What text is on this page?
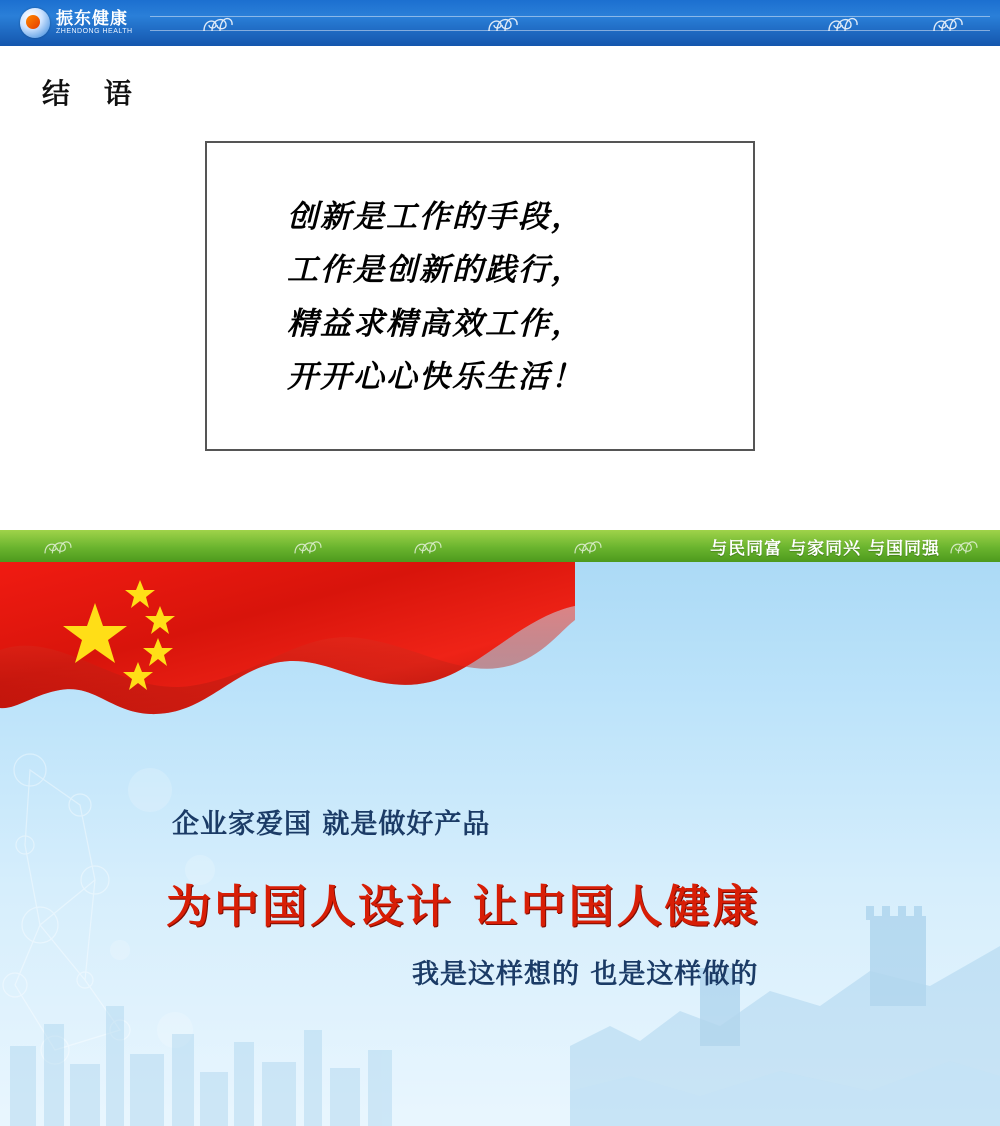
振东健康
ZHENDONG HEALTH
结 语
创新是工作的手段，
工作是创新的践行，
精益求精高效工作，
开开心心快乐生活！
与民同富 与家同兴 与国同强
企业家爱国 就是做好产品
为中国人设计 让中国人健康
我是这样想的 也是这样做的
